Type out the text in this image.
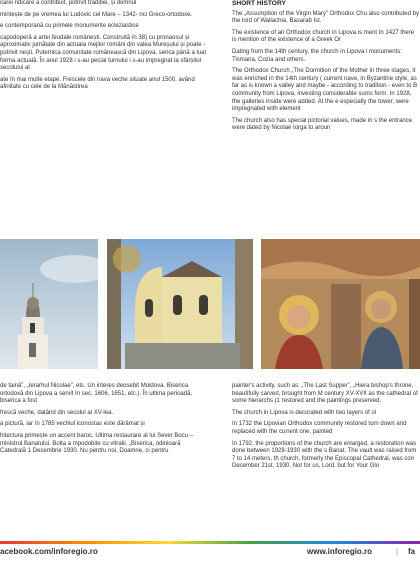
cărei ridicare a contribuit, potrivit tradiției, și domnul

mintește de pe vremea lui Ludovic cel Mare – 1342- rici Greco-ortodoxe.

e contemporană cu primele monumente ecleziastice

capodoperă a artei feudale românești. Construită în 38) cu pronaosul și aproximativ jumătate din actuala mejilor români din valea Mureșului și poate - potrivit nești. Puternica comunitate românească din Lipova, serica până a luat forma actuală. În anul 1928 i s-au pecial turnului i s-au impregnat la sfârșitul secolului al

ate în mai multe etape. Frescele din nava veche situate anul 1500, având afinitate cu cele de la Mănăstirea

SHORT HISTORY

The „Assumption of the Virgin Mary” Orthodox Chu also contributed by the lord of Wallachia, Basarab Ist.

The existence of an Orthodox church in Lipova is ment In 1427 there is mention of the existence of a Greek Or

Dating from the 14th century, the church in Lipova i monuments: Tismana, Cozia and others.

The Orthodox Church „The Dormition of the Mother in three stages, it was enriched in the 14th century ( current nave, in Byzantine style, as far as is known a valley and maybe - according to tradition - even to B community from Lipova, investing considerable sums form. In 1928, the galleries inside were added. At the e especially the tower, were impregnated with element

The church also has special pictorial values, made in s the entrance were dated by Nicolae Iorga to aroun

de taină”, „Ierarhul Nicolae”, etc. Un interes deosebit Moldova. Biserica ortodoxă din Lipova a servit în sec. 1606, 1651, etc.). În ultima perioadă, biserica a fost

frescă veche, datând din secolul al XV-lea.

a pictură, iar în 1785 vechiul iconostas este dărâmat și

hitectura primește un accent baroc. Ultima restaurare al lui Sever Bocu – ministrul Banatului. Bolta a mpodobite cu vitralii. „Biserica, odinioară Catedrală 1 Decembrie 1930. Nu pentru noi, Doamne, ci pentru

painter's activity, such as: „The Last Supper”, „Hiera bishop's throne, beautifully carved, brought from M century XV-XVII as the cathedral of some hierarchs (1 restored and the paintings preserved.

The church in Lipova is decorated with two layers of ol

In 1732 the Lipovian Orthodox community restored torn down and replaced with the current one, painted

In 1792, the proportions of the church are enlarged, a restoration was done between 1928-1930 with the s Banat. The vault was raised from 7 to 14 meters, th church, formerly the Episcopal Cathedral, was con December 21st, 1930. Not for us, Lord, but for Your Glo

acebook.com/inforegio.ro	www.inforegio.ro	| fa
